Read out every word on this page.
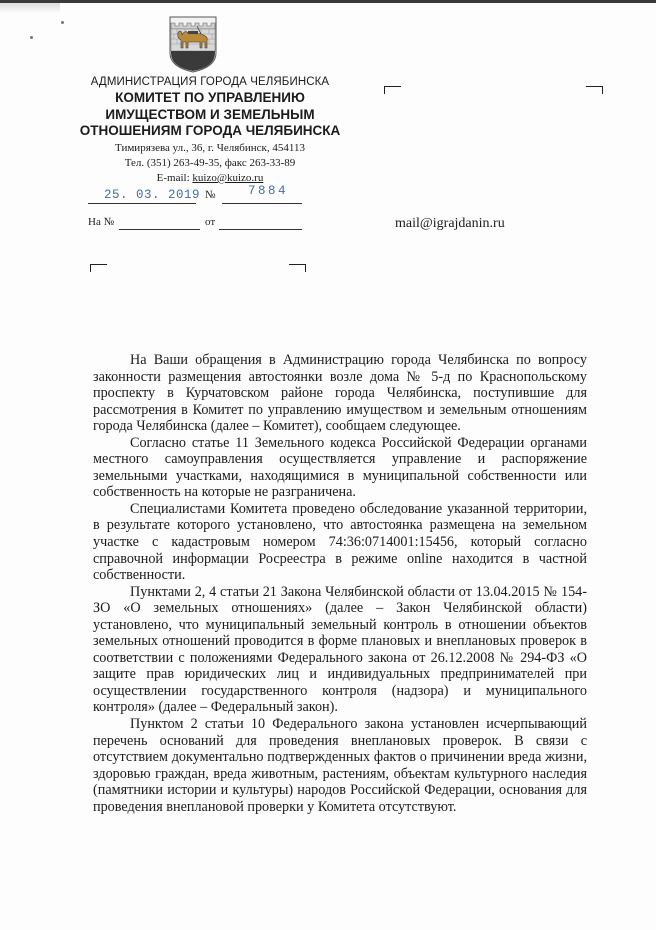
АДМИНИСТРАЦИЯ ГОРОДА ЧЕЛЯБИНСКА
КОМИТЕТ ПО УПРАВЛЕНИЮ
ИМУЩЕСТВОМ И ЗЕМЕЛЬНЫМ
ОТНОШЕНИЯМ ГОРОДА ЧЕЛЯБИНСКА
Тимирязева ул., 36, г. Челябинск, 454113
Тел. (351) 263-49-35, факс 263-33-89
E-mail: kuizo@kuizo.ru
25. 03. 2019 №	7884
На №	от	mail@igrajdanin.ru

На Ваши обращения в Администрацию города Челябинска по вопросу законности размещения автостоянки возле дома № 5-д по Краснопольскому проспекту в Курчатовском районе города Челябинска, поступившие для рассмотрения в Комитет по управлению имуществом и земельным отношениям города Челябинска (далее – Комитет), сообщаем следующее.

Согласно статье 11 Земельного кодекса Российской Федерации органами местного самоуправления осуществляется управление и распоряжение земельными участками, находящимися в муниципальной собственности или собственность на которые не разграничена.

Специалистами Комитета проведено обследование указанной территории, в результате которого установлено, что автостоянка размещена на земельном участке с кадастровым номером 74:36:0714001:15456, который согласно справочной информации Росреестра в режиме online находится в частной собственности.

Пунктами 2, 4 статьи 21 Закона Челябинской области от 13.04.2015 № 154-ЗО «О земельных отношениях» (далее – Закон Челябинской области) установлено, что муниципальный земельный контроль в отношении объектов земельных отношений проводится в форме плановых и внеплановых проверок в соответствии с положениями Федерального закона от 26.12.2008 № 294-ФЗ «О защите прав юридических лиц и индивидуальных предпринимателей при осуществлении государственного контроля (надзора) и муниципального контроля» (далее – Федеральный закон).

Пунктом 2 статьи 10 Федерального закона установлен исчерпывающий перечень оснований для проведения внеплановых проверок. В связи с отсутствием документально подтвержденных фактов о причинении вреда жизни, здоровью граждан, вреда животным, растениям, объектам культурного наследия (памятники истории и культуры) народов Российской Федерации, основания для проведения внеплановой проверки у Комитета отсутствуют.
